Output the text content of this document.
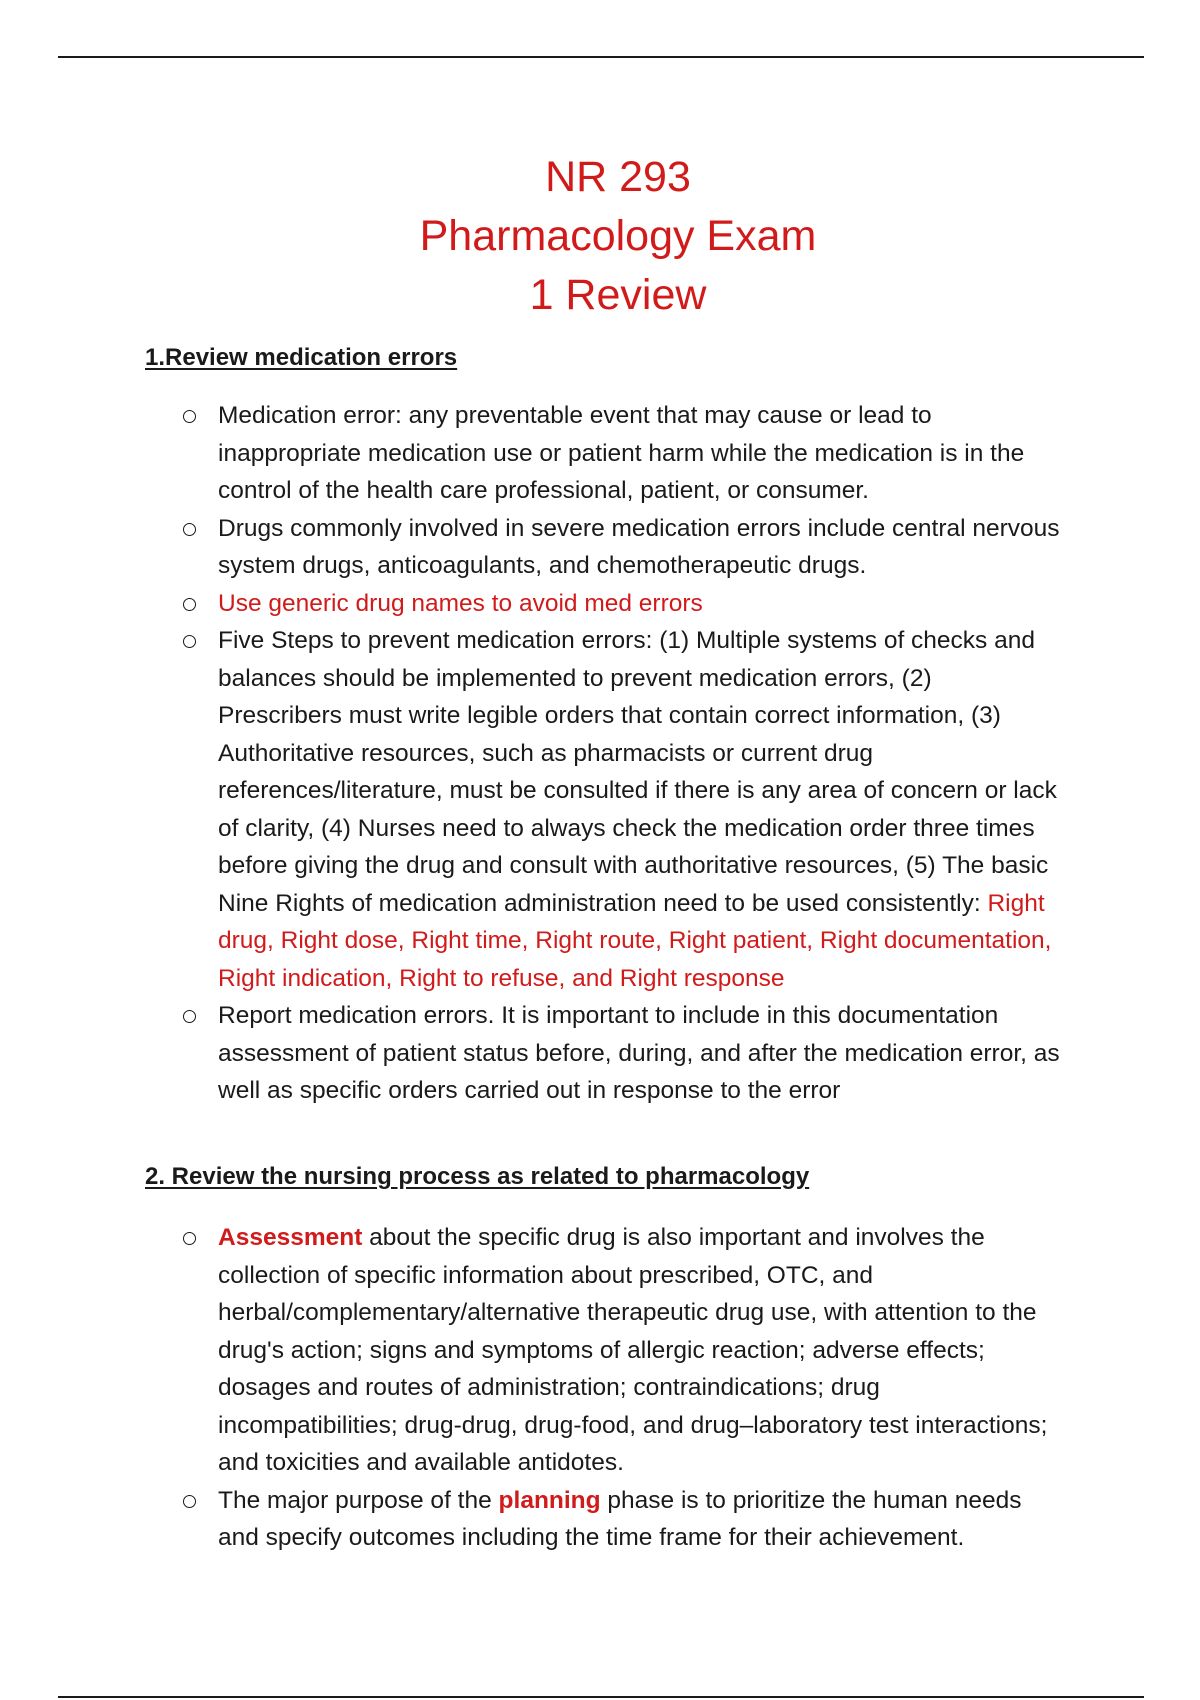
NR 293
Pharmacology Exam
1 Review
1.Review medication errors
Medication error: any preventable event that may cause or lead to inappropriate medication use or patient harm while the medication is in the control of the health care professional, patient, or consumer.
Drugs commonly involved in severe medication errors include central nervous system drugs, anticoagulants, and chemotherapeutic drugs.
Use generic drug names to avoid med errors
Five Steps to prevent medication errors: (1) Multiple systems of checks and balances should be implemented to prevent medication errors, (2) Prescribers must write legible orders that contain correct information, (3) Authoritative resources, such as pharmacists or current drug references/literature, must be consulted if there is any area of concern or lack of clarity, (4) Nurses need to always check the medication order three times before giving the drug and consult with authoritative resources, (5) The basic Nine Rights of medication administration need to be used consistently: Right drug, Right dose, Right time, Right route, Right patient, Right documentation, Right indication, Right to refuse, and Right response
Report medication errors. It is important to include in this documentation assessment of patient status before, during, and after the medication error, as well as specific orders carried out in response to the error
2. Review the nursing process as related to pharmacology
Assessment about the specific drug is also important and involves the collection of specific information about prescribed, OTC, and herbal/complementary/alternative therapeutic drug use, with attention to the drug's action; signs and symptoms of allergic reaction; adverse effects; dosages and routes of administration; contraindications; drug incompatibilities; drug-drug, drug-food, and drug–laboratory test interactions; and toxicities and available antidotes.
The major purpose of the planning phase is to prioritize the human needs and specify outcomes including the time frame for their achievement.
